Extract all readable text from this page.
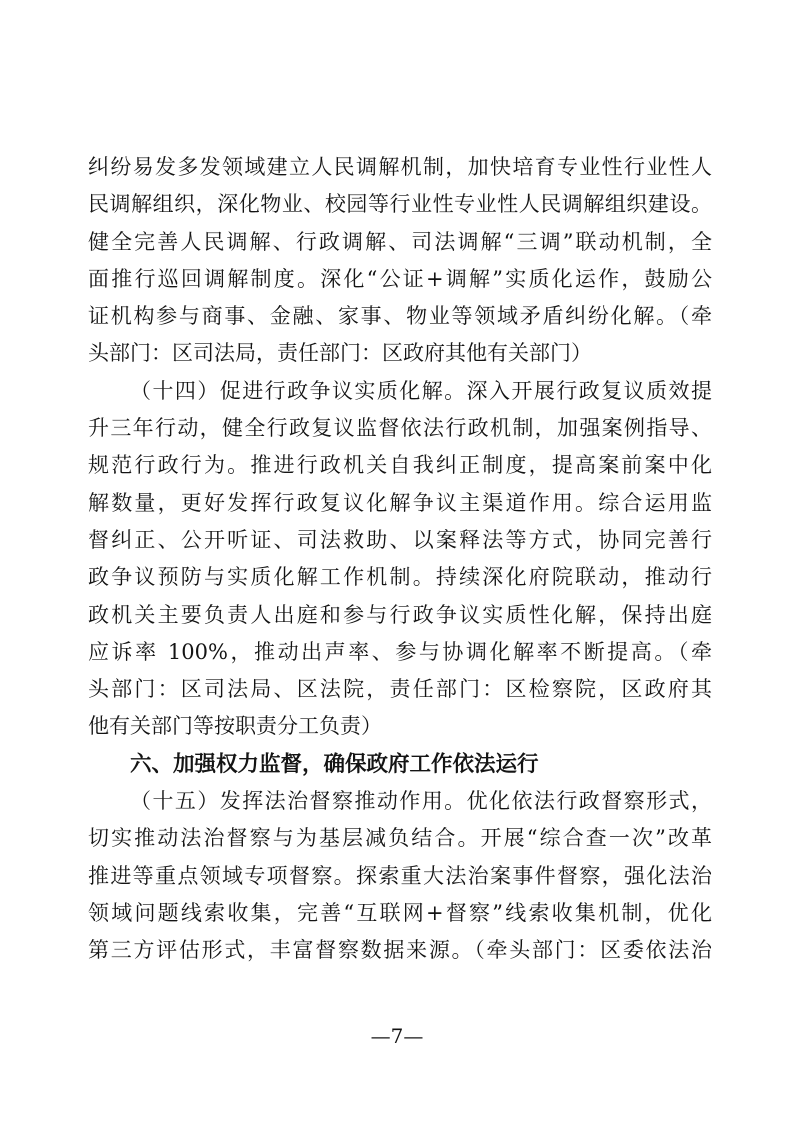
纠纷易发多发领域建立人民调解机制，加快培育专业性行业性人
民调解组织，深化物业、校园等行业性专业性人民调解组织建设。
健全完善人民调解、行政调解、司法调解“三调”联动机制，全
面推行巡回调解制度。深化“公证+调解”实质化运作，鼓励公
证机构参与商事、金融、家事、物业等领域矛盾纠纷化解。（牵
头部门：区司法局，责任部门：区政府其他有关部门）
（十四）促进行政争议实质化解。深入开展行政复议质效提
升三年行动，健全行政复议监督依法行政机制，加强案例指导、
规范行政行为。推进行政机关自我纠正制度，提高案前案中化
解数量，更好发挥行政复议化解争议主渠道作用。综合运用监
督纠正、公开听证、司法救助、以案释法等方式，协同完善行
政争议预防与实质化解工作机制。持续深化府院联动，推动行
政机关主要负责人出庭和参与行政争议实质性化解，保持出庭
应诉率 100%，推动出声率、参与协调化解率不断提高。（牵
头部门：区司法局、区法院，责任部门：区检察院，区政府其
他有关部门等按职责分工负责）
六、加强权力监督，确保政府工作依法运行
（十五）发挥法治督察推动作用。优化依法行政督察形式，
切实推动法治督察与为基层减负结合。开展“综合查一次”改革
推进等重点领域专项督察。探索重大法治案事件督察，强化法治
领域问题线索收集，完善“互联网+督察”线索收集机制，优化
第三方评估形式，丰富督察数据来源。（牵头部门：区委依法治
—7—
